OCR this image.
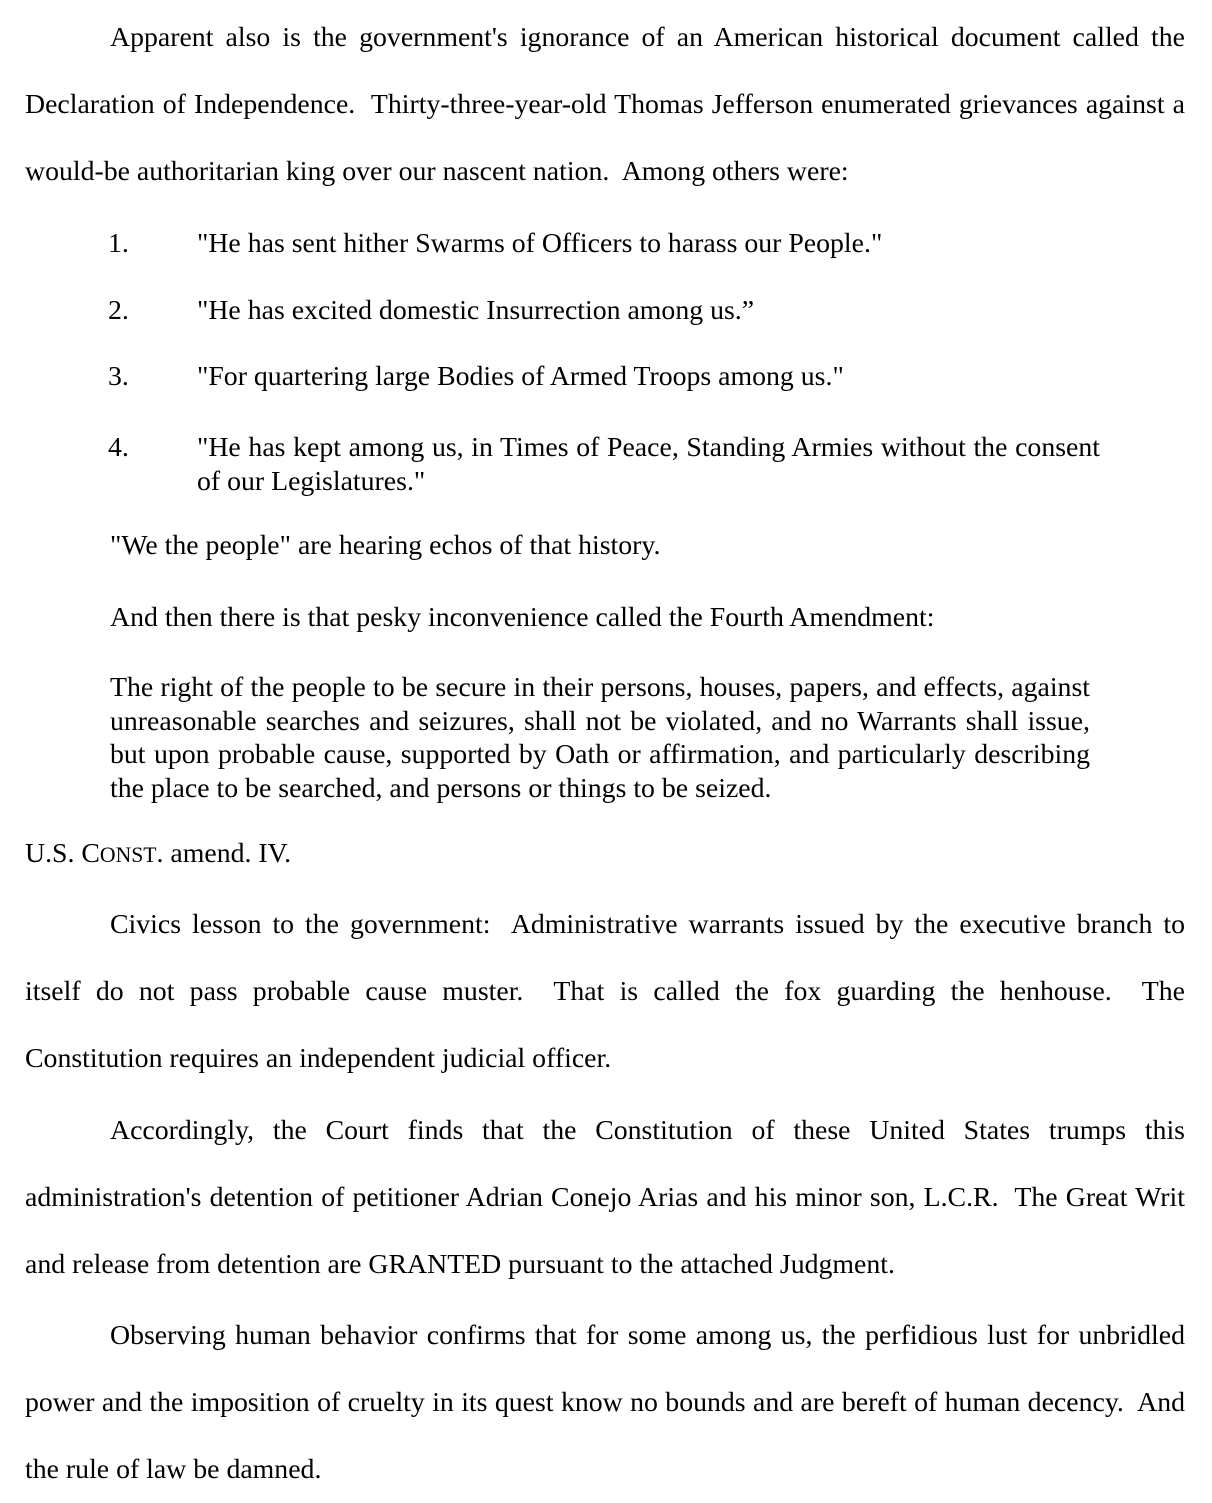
Apparent also is the government's ignorance of an American historical document called the Declaration of Independence.  Thirty-three-year-old Thomas Jefferson enumerated grievances against a would-be authoritarian king over our nascent nation.  Among others were:

1. "He has sent hither Swarms of Officers to harass our People."
2. "He has excited domestic Insurrection among us.”
3. "For quartering large Bodies of Armed Troops among us."
4. "He has kept among us, in Times of Peace, Standing Armies without the consent of our Legislatures."

"We the people" are hearing echos of that history.

And then there is that pesky inconvenience called the Fourth Amendment:

The right of the people to be secure in their persons, houses, papers, and effects, against unreasonable searches and seizures, shall not be violated, and no Warrants shall issue, but upon probable cause, supported by Oath or affirmation, and particularly describing the place to be searched, and persons or things to be seized.

U.S. CONST. amend. IV.

Civics lesson to the government:  Administrative warrants issued by the executive branch to itself do not pass probable cause muster.  That is called the fox guarding the henhouse.  The Constitution requires an independent judicial officer.

Accordingly, the Court finds that the Constitution of these United States trumps this administration's detention of petitioner Adrian Conejo Arias and his minor son, L.C.R.  The Great Writ and release from detention are GRANTED pursuant to the attached Judgment.

Observing human behavior confirms that for some among us, the perfidious lust for unbridled power and the imposition of cruelty in its quest know no bounds and are bereft of human decency.  And the rule of law be damned.
